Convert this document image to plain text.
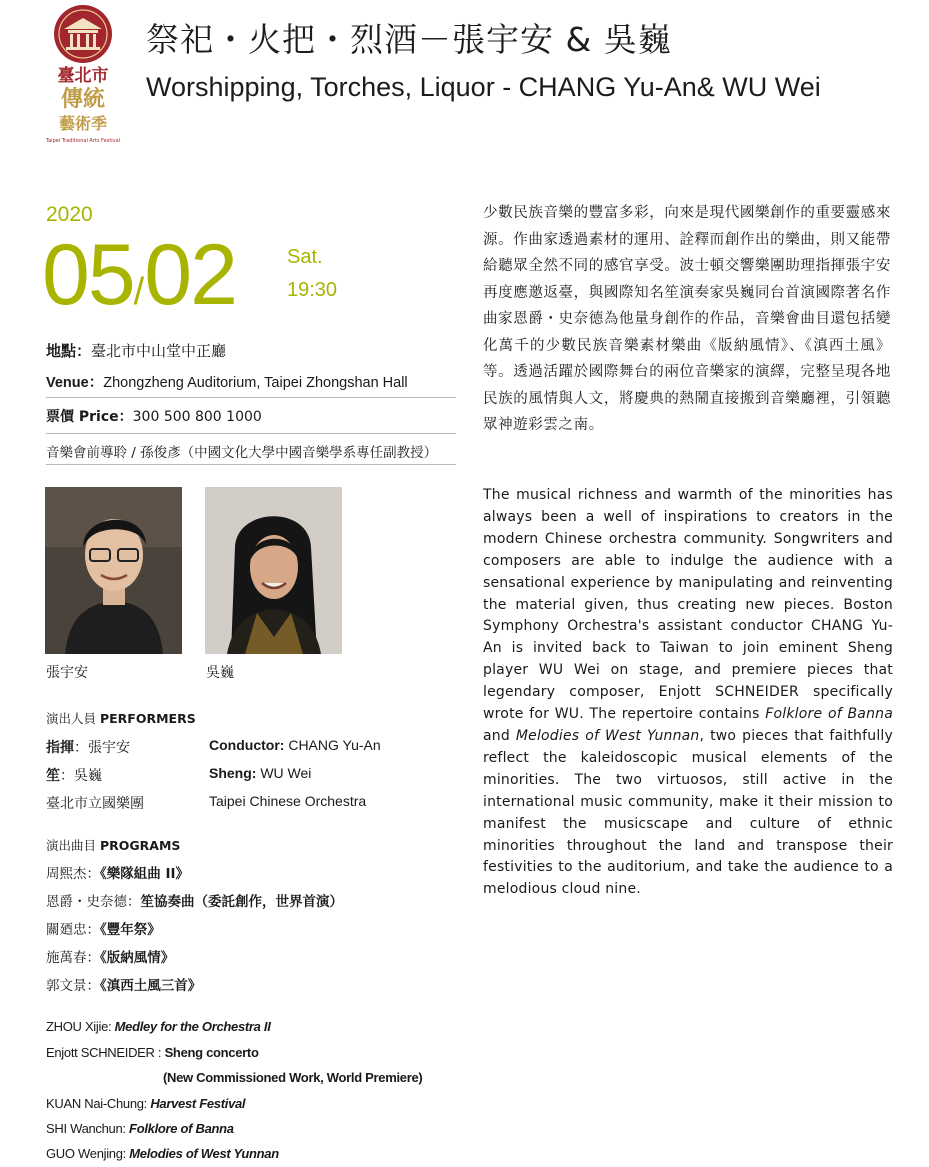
臺北市
傳統
藝術季
Taipei Traditional Arts Festival
祭祀・火把・烈酒－張宇安 & 吳巍
Worshipping, Torches, Liquor - CHANG Yu-An& WU Wei
2020
05/02	Sat.
19:30
地點：臺北市中山堂中正廳
Venue：Zhongzheng Auditorium, Taipei Zhongshan Hall
票價 Price：300 500 800 1000
音樂會前導聆 / 孫俊彥（中國文化大學中國音樂學系專任副教授）
張宇安	吳巍
演出人員 PERFORMERS
指揮：張宇安	Conductor: CHANG Yu-An
笙：吳巍	Sheng: WU Wei
臺北市立國樂團	Taipei Chinese Orchestra
演出曲目 PROGRAMS
周熙杰：《樂隊組曲 II》
恩爵・史奈德：笙協奏曲（委託創作，世界首演）
關廼忠：《豐年祭》
施萬春：《版納風情》
郭文景：《滇西土風三首》
ZHOU Xijie: Medley for the Orchestra II
Enjott SCHNEIDER : Sheng concerto
(New Commissioned Work, World Premiere)
KUAN Nai-Chung: Harvest Festival
SHI Wanchun: Folklore of Banna
GUO Wenjing: Melodies of West Yunnan

少數民族音樂的豐富多彩，向來是現代國樂創作的重要靈感來源。作曲家透過素材的運用、詮釋而創作出的樂曲，則又能帶給聽眾全然不同的感官享受。波士頓交響樂團助理指揮張宇安再度應邀返臺，與國際知名笙演奏家吳巍同台首演國際著名作曲家恩爵・史奈德為他量身創作的作品，音樂會曲目還包括變化萬千的少數民族音樂素材樂曲《版納風情》、《滇西土風》等。透過活躍於國際舞台的兩位音樂家的演繹，完整呈現各地民族的風情與人文，將慶典的熱鬧直接搬到音樂廳裡，引領聽眾神遊彩雲之南。

The musical richness and warmth of the minorities has always been a well of inspirations to creators in the modern Chinese orchestra community. Songwriters and composers are able to indulge the audience with a sensational experience by manipulating and reinventing the material given, thus creating new pieces. Boston Symphony Orchestra's assistant conductor CHANG Yu-An is invited back to Taiwan to join eminent Sheng player WU Wei on stage, and premiere pieces that legendary composer, Enjott SCHNEIDER specifically wrote for WU. The repertoire contains Folklore of Banna and Melodies of West Yunnan, two pieces that faithfully reflect the kaleidoscopic musical elements of the minorities. The two virtuosos, still active in the international music community, make it their mission to manifest the musicscape and culture of ethnic minorities throughout the land and transpose their festivities to the auditorium, and take the audience to a melodious cloud nine.
